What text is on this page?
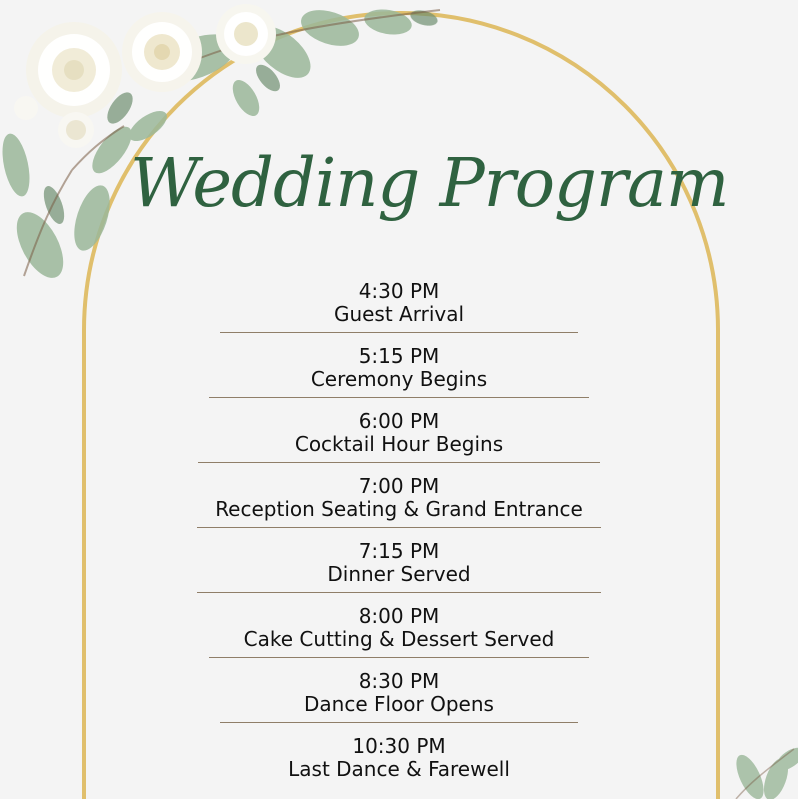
Wedding Program
4:30 PM
Guest Arrival
5:15 PM
Ceremony Begins
6:00 PM
Cocktail Hour Begins
7:00 PM
Reception Seating & Grand Entrance
7:15 PM
Dinner Served
8:00 PM
Cake Cutting & Dessert Served
8:30 PM
Dance Floor Opens
10:30 PM
Last Dance & Farewell
